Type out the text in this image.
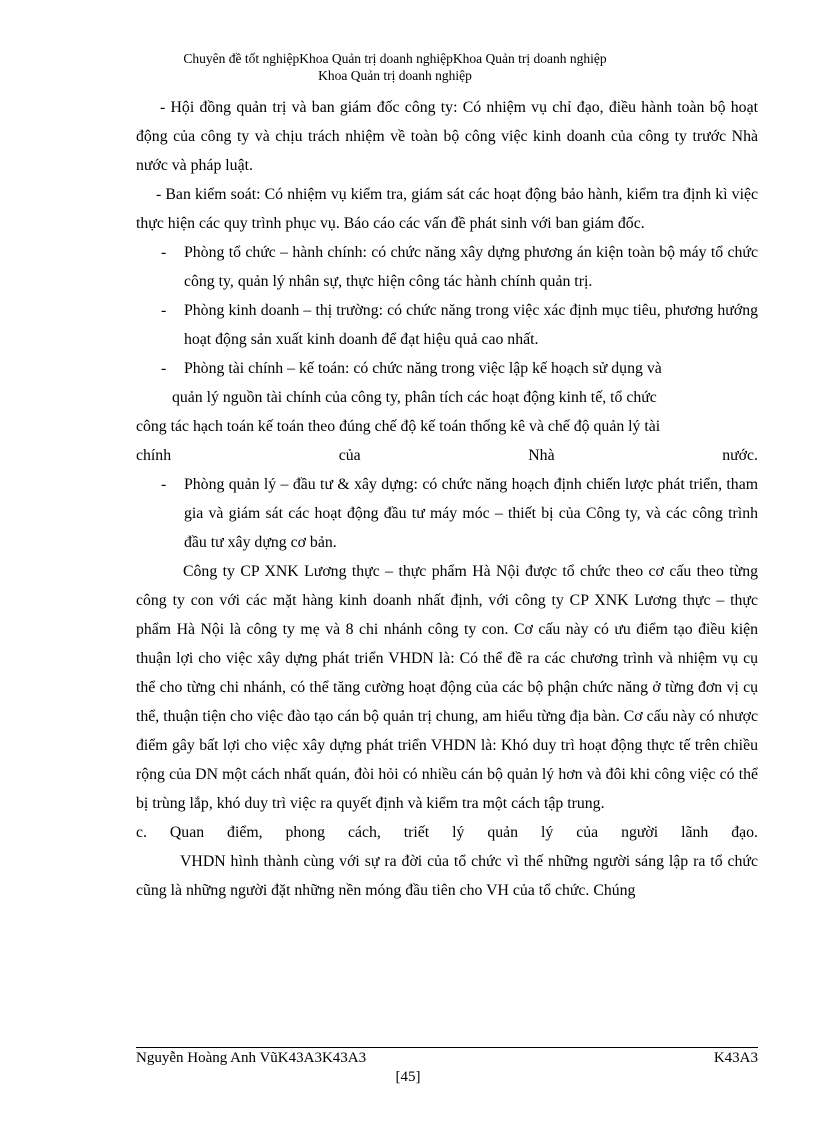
Chuyên đề tốt nghiệpKhoa Quản trị doanh nghiệpKhoa Quản trị doanh nghiệp
Khoa Quản trị doanh nghiệp

- Hội đồng quản trị và ban giám đốc công ty: Có nhiệm vụ chỉ đạo, điều hành toàn bộ hoạt động của công ty và chịu trách nhiệm về toàn bộ công việc kinh doanh của công ty trước Nhà nước và pháp luật.

- Ban kiểm soát: Có nhiệm vụ kiểm tra, giám sát các hoạt động bảo hành, kiểm tra định kì việc thực hiện các quy trình phục vụ. Báo cáo các vấn đề phát sinh với ban giám đốc.

-	Phòng tổ chức – hành chính: có chức năng xây dựng phương án kiện toàn bộ máy tổ chức công ty, quản lý nhân sự, thực hiện công tác hành chính quản trị.
-	Phòng kinh doanh – thị trường: có chức năng trong việc xác định mục tiêu, phương hướng hoạt động sản xuất kinh doanh để đạt hiệu quả cao nhất.
-	Phòng tài chính – kế toán: có chức năng trong việc lập kế hoạch sử dụng và

quản lý nguồn tài chính của công ty, phân tích các hoạt động kinh tế, tổ chức

công tác hạch toán kế toán theo đúng chế độ kế toán thống kê và chế độ quản lý tài

chính của Nhà nước.

-	Phòng quản lý – đầu tư & xây dựng: có chức năng hoạch định chiến lược phát triển, tham gia và giám sát các hoạt động đầu tư máy móc – thiết bị của Công ty, và các công trình đầu tư xây dựng cơ bản.

Công ty CP XNK Lương thực – thực phẩm Hà Nội được tổ chức theo cơ cấu theo từng công ty con với các mặt hàng kinh doanh nhất định, với công ty CP XNK Lương thực – thực phẩm Hà Nội là công ty mẹ và 8 chi nhánh công ty con. Cơ cấu này có ưu điểm tạo điều kiện thuận lợi cho việc xây dựng phát triển VHDN là: Có thể đề ra các chương trình và nhiệm vụ cụ thể cho từng chi nhánh, có thể tăng cường hoạt động của các bộ phận chức năng ở từng đơn vị cụ thể, thuận tiện cho việc đào tạo cán bộ quản trị chung, am hiểu từng địa bàn. Cơ cấu này có nhược điểm gây bất lợi cho việc xây dựng phát triển VHDN là: Khó duy trì hoạt động thực tế trên chiều rộng của DN một cách nhất quán, đòi hỏi có nhiều cán bộ quản lý hơn và đôi khi công việc có thể bị trùng lắp, khó duy trì việc ra quyết định và kiểm tra một cách tập trung.

c. Quan điểm, phong cách, triết lý quản lý của người lãnh đạo.

VHDN hình thành cùng với sự ra đời của tổ chức vì thế những người sáng lập ra tổ chức cũng là những người đặt những nền móng đầu tiên cho VH của tổ chức. Chúng

Nguyễn Hoàng Anh VũK43A3K43A3	K43A3
[45]
